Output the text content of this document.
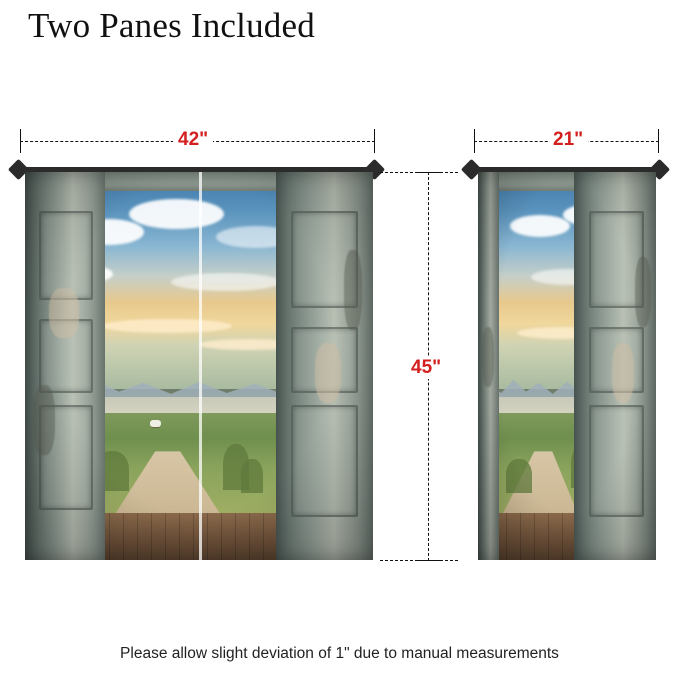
Two Panes Included
42"
45"
21"
Please allow slight deviation of 1" due to manual measurements
